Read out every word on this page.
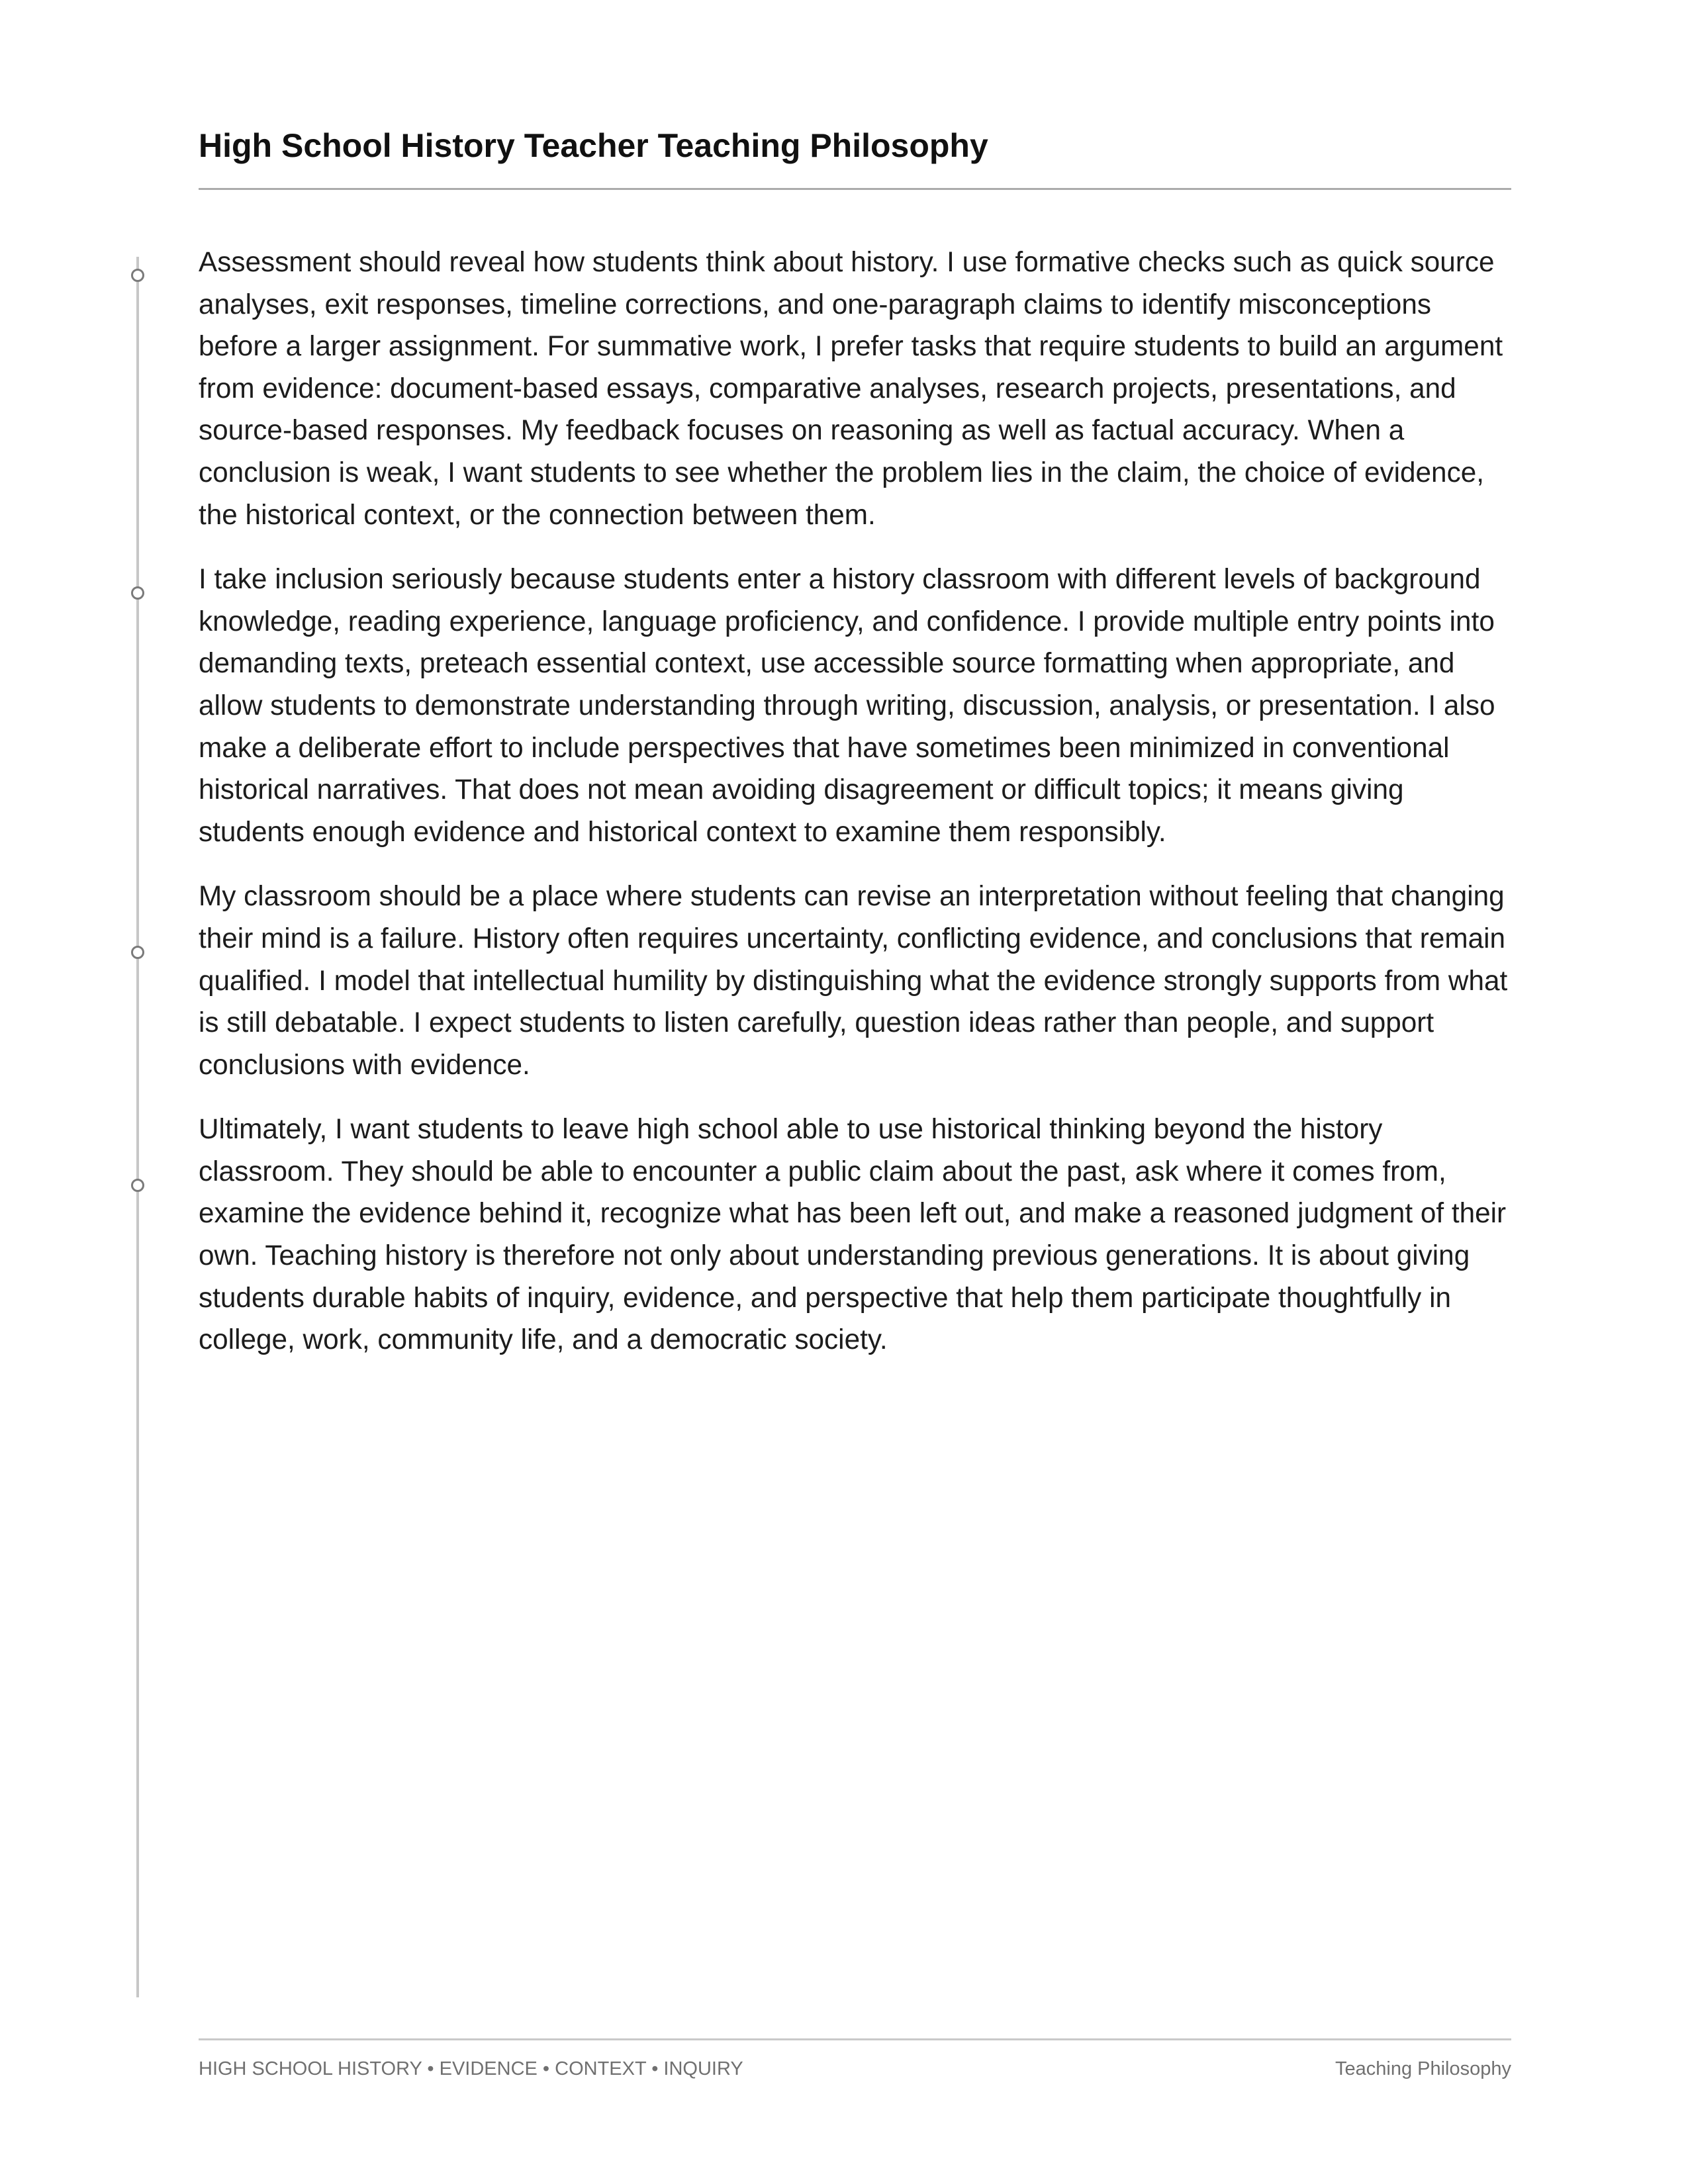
High School History Teacher Teaching Philosophy

Assessment should reveal how students think about history. I use formative checks such as quick source analyses, exit responses, timeline corrections, and one-paragraph claims to identify misconceptions before a larger assignment. For summative work, I prefer tasks that require students to build an argument from evidence: document-based essays, comparative analyses, research projects, presentations, and source-based responses. My feedback focuses on reasoning as well as factual accuracy. When a conclusion is weak, I want students to see whether the problem lies in the claim, the choice of evidence, the historical context, or the connection between them.

I take inclusion seriously because students enter a history classroom with different levels of background knowledge, reading experience, language proficiency, and confidence. I provide multiple entry points into demanding texts, preteach essential context, use accessible source formatting when appropriate, and allow students to demonstrate understanding through writing, discussion, analysis, or presentation. I also make a deliberate effort to include perspectives that have sometimes been minimized in conventional historical narratives. That does not mean avoiding disagreement or difficult topics; it means giving students enough evidence and historical context to examine them responsibly.

My classroom should be a place where students can revise an interpretation without feeling that changing their mind is a failure. History often requires uncertainty, conflicting evidence, and conclusions that remain qualified. I model that intellectual humility by distinguishing what the evidence strongly supports from what is still debatable. I expect students to listen carefully, question ideas rather than people, and support conclusions with evidence.

Ultimately, I want students to leave high school able to use historical thinking beyond the history classroom. They should be able to encounter a public claim about the past, ask where it comes from, examine the evidence behind it, recognize what has been left out, and make a reasoned judgment of their own. Teaching history is therefore not only about understanding previous generations. It is about giving students durable habits of inquiry, evidence, and perspective that help them participate thoughtfully in college, work, community life, and a democratic society.

HIGH SCHOOL HISTORY • EVIDENCE • CONTEXT • INQUIRY	Teaching Philosophy
